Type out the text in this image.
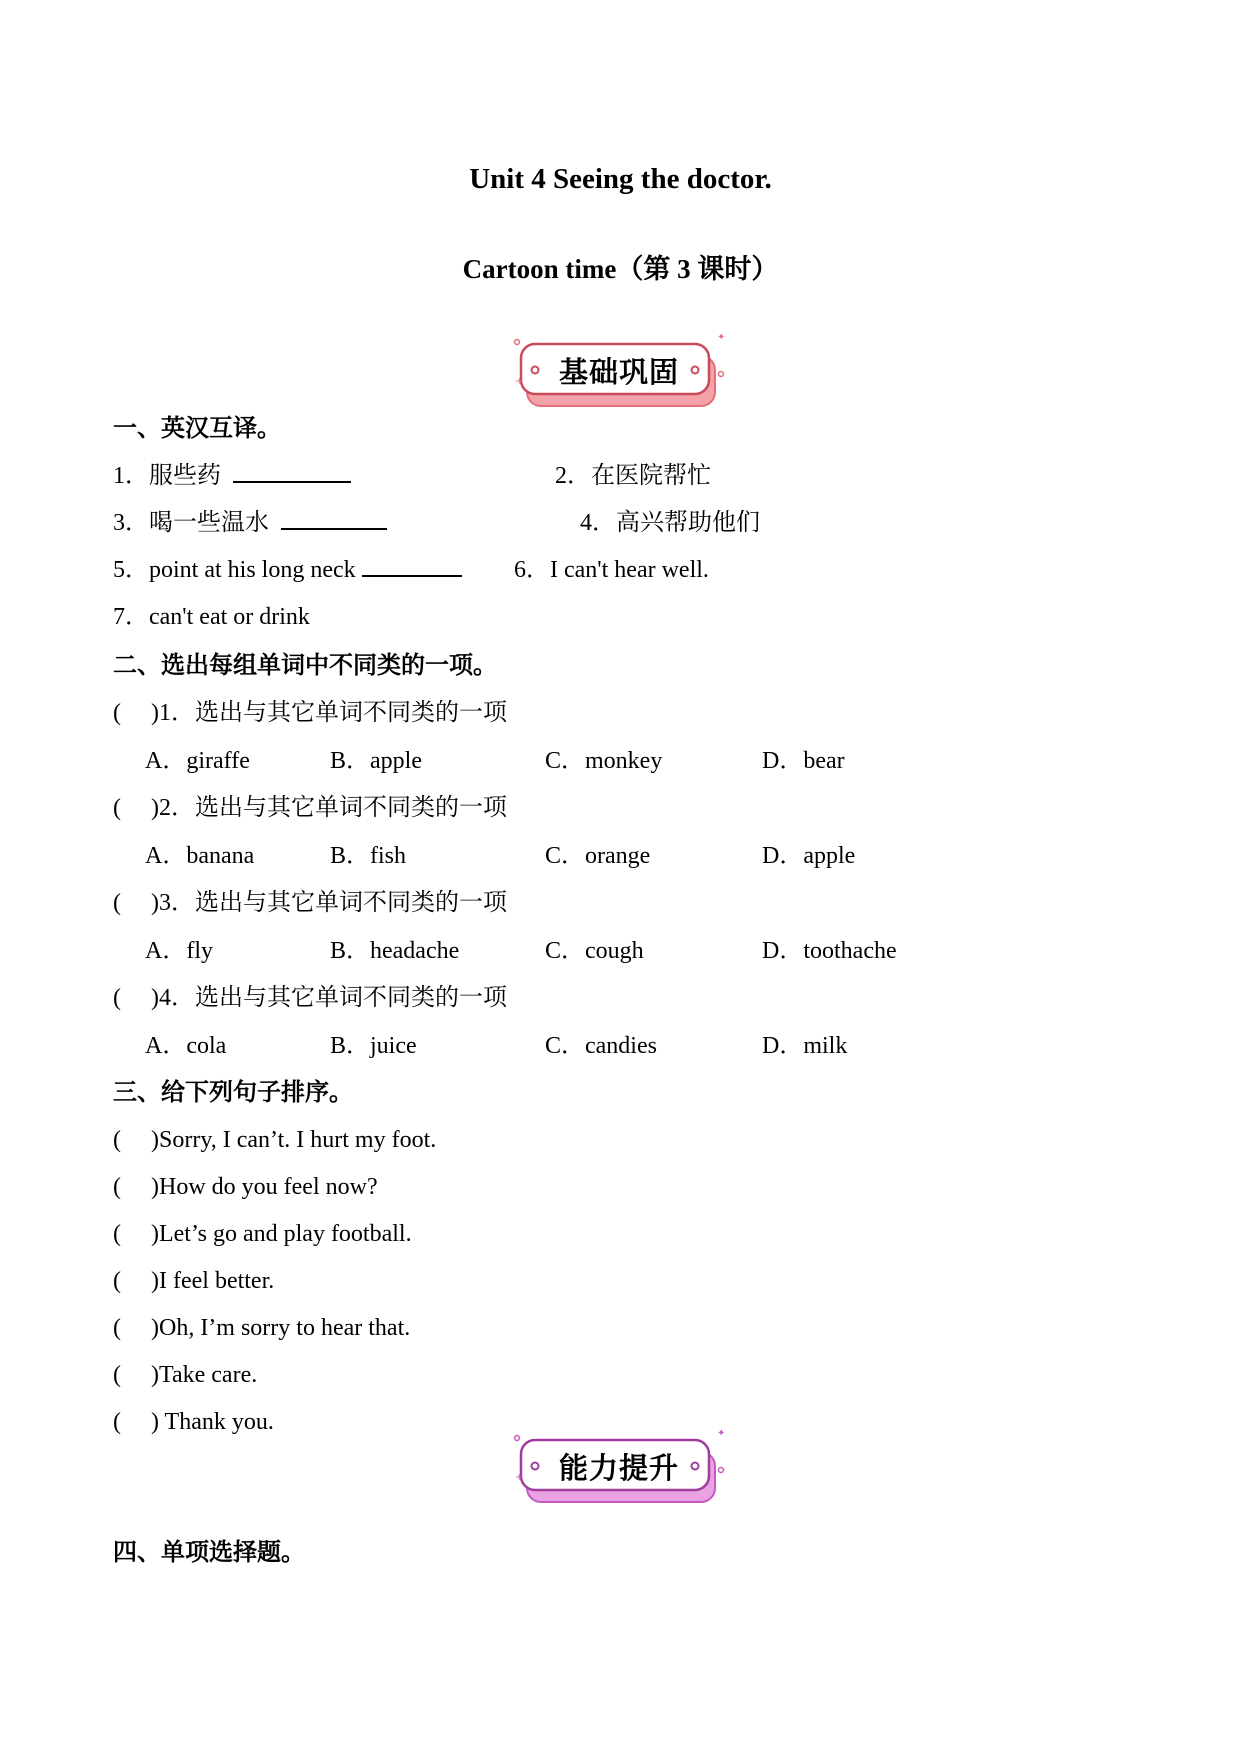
Unit 4 Seeing the doctor.
Cartoon time（第 3 课时）
+
✦
基础巩固
一、英汉互译。
1．服些药	2．在医院帮忙
3．喝一些温水	4．高兴帮助他们
5．point at his long neck	6．I can't hear well.
7．can't eat or drink
二、选出每组单词中不同类的一项。
(　 )1．选出与其它单词不同类的一项
A．giraffe	B．apple	C．monkey	D．bear
(　 )2．选出与其它单词不同类的一项
A．banana	B．fish	C．orange	D．apple
(　 )3．选出与其它单词不同类的一项
A．fly	B．headache	C．cough	D．toothache
(　 )4．选出与其它单词不同类的一项
A．cola	B．juice	C．candies	D．milk
三、给下列句子排序。
(　 )Sorry, I can’t. I hurt my foot.
(　 )How do you feel now?
(　 )Let’s go and play football.
(　 )I feel better.
(　 )Oh, I’m sorry to hear that.
(　 )Take care.
(　 ) Thank you.
+
✦
能力提升
四、单项选择题。
